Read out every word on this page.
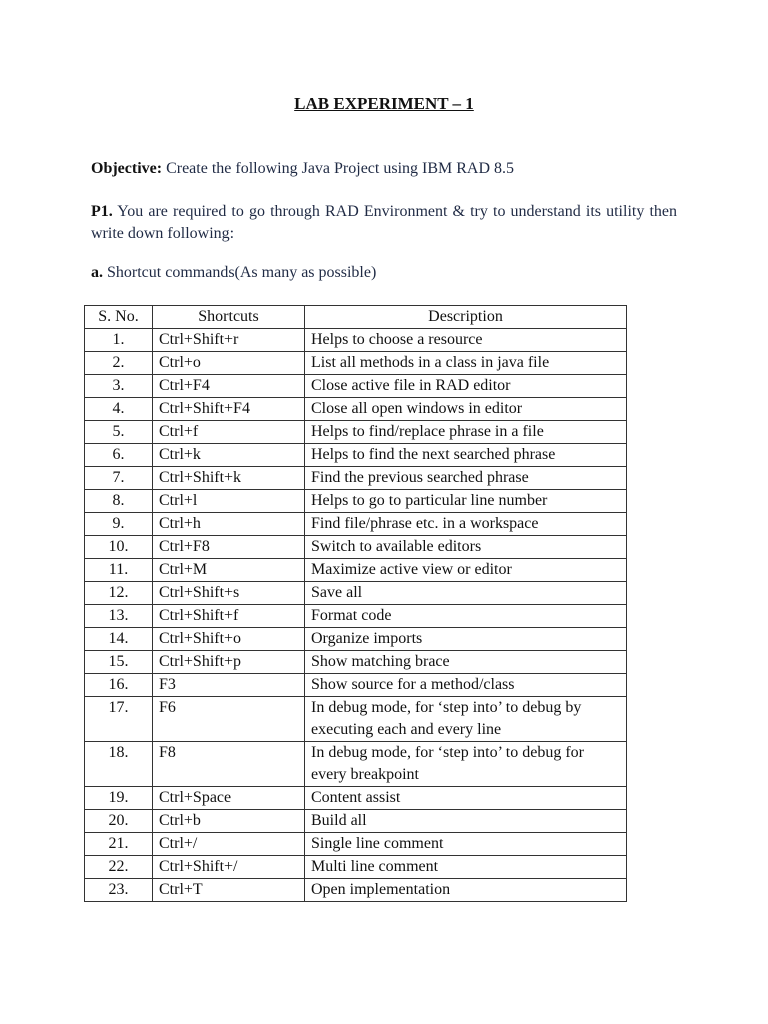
LAB EXPERIMENT – 1
Objective: Create the following Java Project using IBM RAD 8.5
P1. You are required to go through RAD Environment & try to understand its utility then write down following:
a. Shortcut commands(As many as possible)
S. No.	Shortcuts	Description
1.	Ctrl+Shift+r	Helps to choose a resource
2.	Ctrl+o	List all methods in a class in java file
3.	Ctrl+F4	Close active file in RAD editor
4.	Ctrl+Shift+F4	Close all open windows in editor
5.	Ctrl+f	Helps to find/replace phrase in a file
6.	Ctrl+k	Helps to find the next searched phrase
7.	Ctrl+Shift+k	Find the previous searched phrase
8.	Ctrl+l	Helps to go to particular line number
9.	Ctrl+h	Find file/phrase etc. in a workspace
10.	Ctrl+F8	Switch to available editors
11.	Ctrl+M	Maximize active view or editor
12.	Ctrl+Shift+s	Save all
13.	Ctrl+Shift+f	Format code
14.	Ctrl+Shift+o	Organize imports
15.	Ctrl+Shift+p	Show matching brace
16.	F3	Show source for a method/class
17.	F6	In debug mode, for ‘step into’ to debug by executing each and every line
18.	F8	In debug mode, for ‘step into’ to debug for every breakpoint
19.	Ctrl+Space	Content assist
20.	Ctrl+b	Build all
21.	Ctrl+/	Single line comment
22.	Ctrl+Shift+/	Multi line comment
23.	Ctrl+T	Open implementation
